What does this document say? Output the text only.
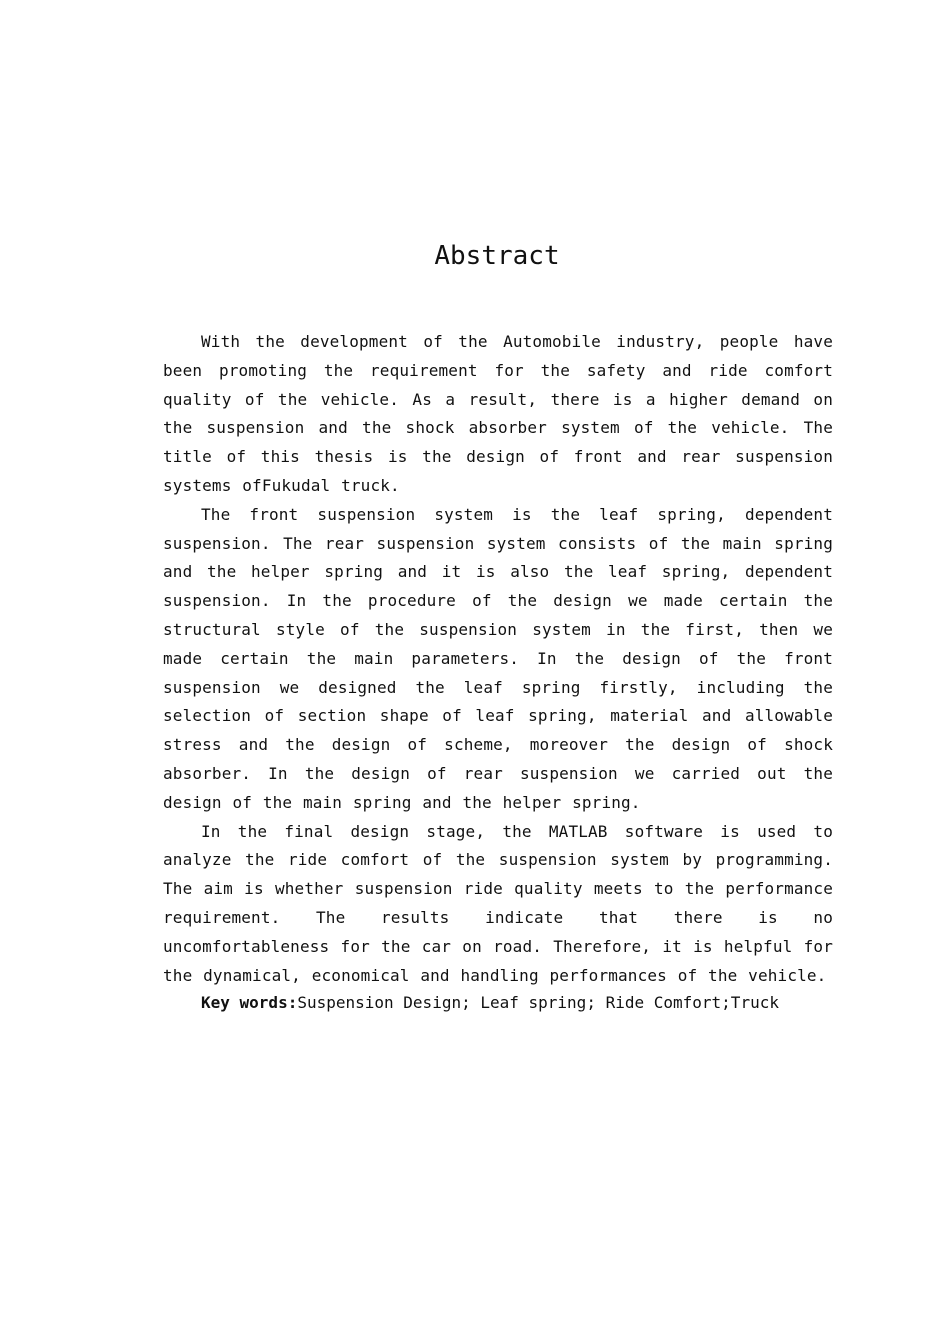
Abstract

With the development of the Automobile industry, people have been promoting the requirement for the safety and ride comfort quality of the vehicle. As a result, there is a higher demand on the suspension and the shock absorber system of the vehicle. The title of this thesis is the design of front and rear suspension systems ofFukudal truck.

The front suspension system is the leaf spring, dependent suspension. The rear suspension system consists of the main spring and the helper spring and it is also the leaf spring, dependent suspension. In the procedure of the design we made certain the structural style of the suspension system in the first, then we made certain the main parameters. In the design of the front suspension we designed the leaf spring firstly, including the selection of section shape of leaf spring, material and allowable stress and the design of scheme, moreover the design of shock absorber. In the design of rear suspension we carried out the design of the main spring and the helper spring.

In the final design stage, the MATLAB software is used to analyze the ride comfort of the suspension system by programming. The aim is whether suspension ride quality meets to the performance requirement. The results indicate that there is no uncomfortableness for the car on road. Therefore, it is helpful for the dynamical, economical and handling performances of the vehicle.

Key words:Suspension Design; Leaf spring; Ride Comfort;Truck
